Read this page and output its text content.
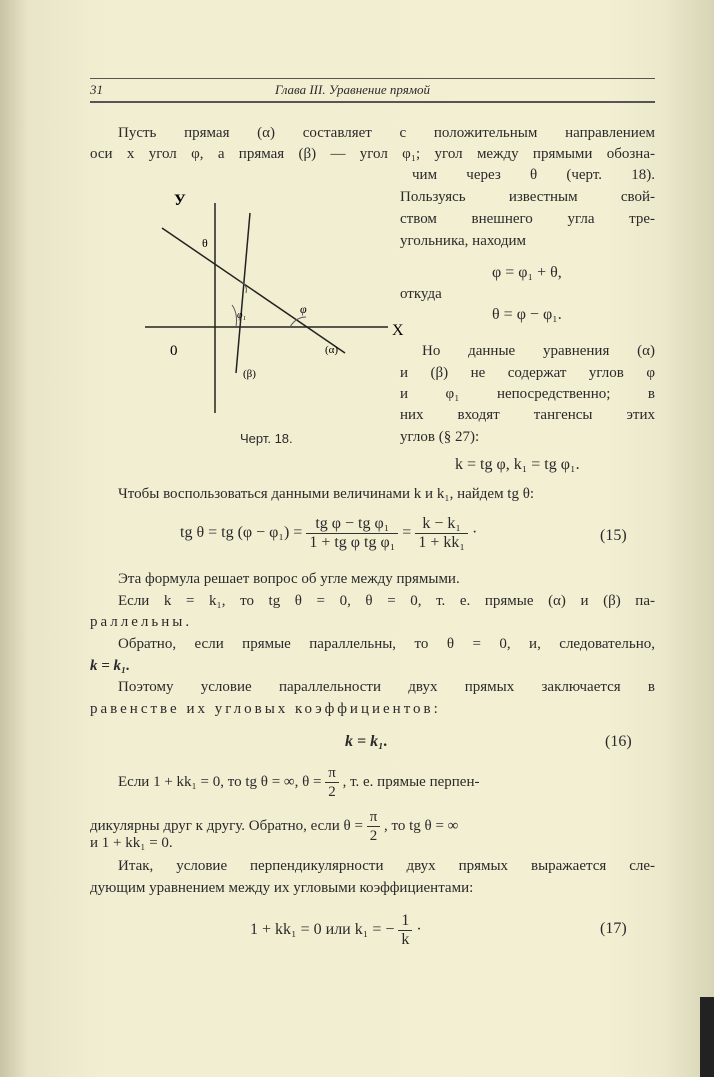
31	Глава III. Уравнение прямой
Пусть прямая (α) составляет с положительным направлением
оси x угол φ, а прямая (β) — угол φ₁; угол между прямыми обозна-
чим через θ (черт. 18).
Пользуясь известным свой-
ством внешнего угла тре-
угольника, находим
φ = φ₁ + θ,
откуда
θ = φ − φ₁.
Но данные уравнения (α)
и (β) не содержат углов φ
и φ₁ непосредственно; в
них входят тангенсы этих
углов (§ 27):
k = tg φ, k₁ = tg φ₁.
У
X
0
θ
φ
φ₁
(α)
(β)
Черт. 18.
Чтобы воспользоваться данными величинами k и k₁, найдем tg θ:
tg θ = tg $(\varphi - \varphi_1) = \frac{\text{tg φ − tg φ₁}}{\text{1 + tg φ tg φ₁}} = \frac{\text{k − k₁}}{\text{1 + kk₁}}$ ·	(15)
Эта формула решает вопрос об угле между прямыми.
Если k = k₁, то tg θ = 0, θ = 0, т. е. прямые (α) и (β) па-
раллельны.
Обратно, если прямые параллельны, то θ = 0, и, следовательно,
k = k₁.
Поэтому условие параллельности двух прямых заключается в
равенстве их угловых коэффициентов:
k = k₁.	(16)
Если 1 + kk₁ = 0, то tg θ = ∞, $\theta = \frac{\pi}{2}$ , т. е. прямые перпен-
дикулярны друг к другу. Обратно, если $\theta = \frac{\pi}{2}$ , то tg θ = ∞
и 1 + kk₁ = 0.
Итак, условие перпендикулярности двух прямых выражается сле-
дующим уравнением между их угловыми коэффициентами:
1 + kk₁ = 0 или k₁ = − $\frac{1}{k}$ ·	(17)
